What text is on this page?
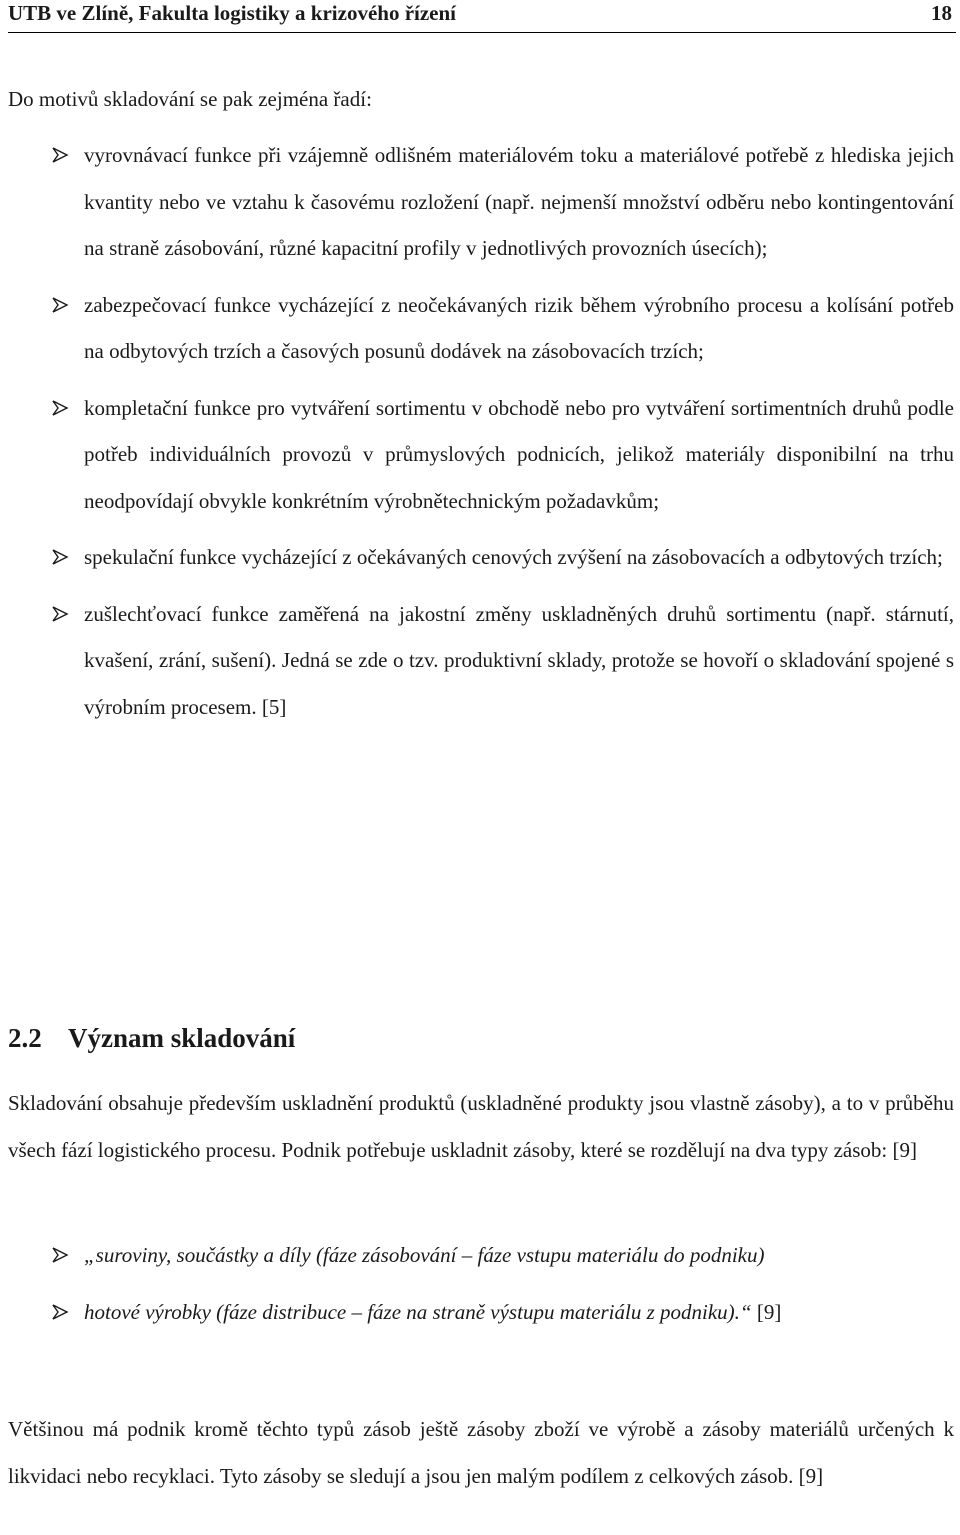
UTB ve Zlíně, Fakulta logistiky a krizového řízení	18

Do motivů skladování se pak zejména řadí:

vyrovnávací funkce při vzájemně odlišném materiálovém toku a materiálové potřebě z hlediska jejich kvantity nebo ve vztahu k časovému rozložení (např. nejmenší množství odběru nebo kontingentování na straně zásobování, různé kapacitní profily v jednotlivých provozních úsecích);
zabezpečovací funkce vycházející z neočekávaných rizik během výrobního procesu a kolísání potřeb na odbytových trzích a časových posunů dodávek na zásobovacích trzích;
kompletační funkce pro vytváření sortimentu v obchodě nebo pro vytváření sortimentních druhů podle potřeb individuálních provozů v průmyslových podnicích, jelikož materiály disponibilní na trhu neodpovídají obvykle konkrétním výrobnětechnickým požadavkům;
spekulační funkce vycházející z očekávaných cenových zvýšení na zásobovacích a odbytových trzích;
zušlechťovací funkce zaměřená na jakostní změny uskladněných druhů sortimentu (např. stárnutí, kvašení, zrání, sušení). Jedná se zde o tzv. produktivní sklady, protože se hovoří o skladování spojené s výrobním procesem. [5]
2.2 Význam skladování

Skladování obsahuje především uskladnění produktů (uskladněné produkty jsou vlastně zásoby), a to v průběhu všech fází logistického procesu. Podnik potřebuje uskladnit zásoby, které se rozdělují na dva typy zásob: [9]

„suroviny, součástky a díly (fáze zásobování – fáze vstupu materiálu do podniku)
hotové výrobky (fáze distribuce – fáze na straně výstupu materiálu z podniku).“ [9]

Většinou má podnik kromě těchto typů zásob ještě zásoby zboží ve výrobě a zásoby materiálů určených k likvidaci nebo recyklaci. Tyto zásoby se sledují a jsou jen malým podílem z celkových zásob. [9]
